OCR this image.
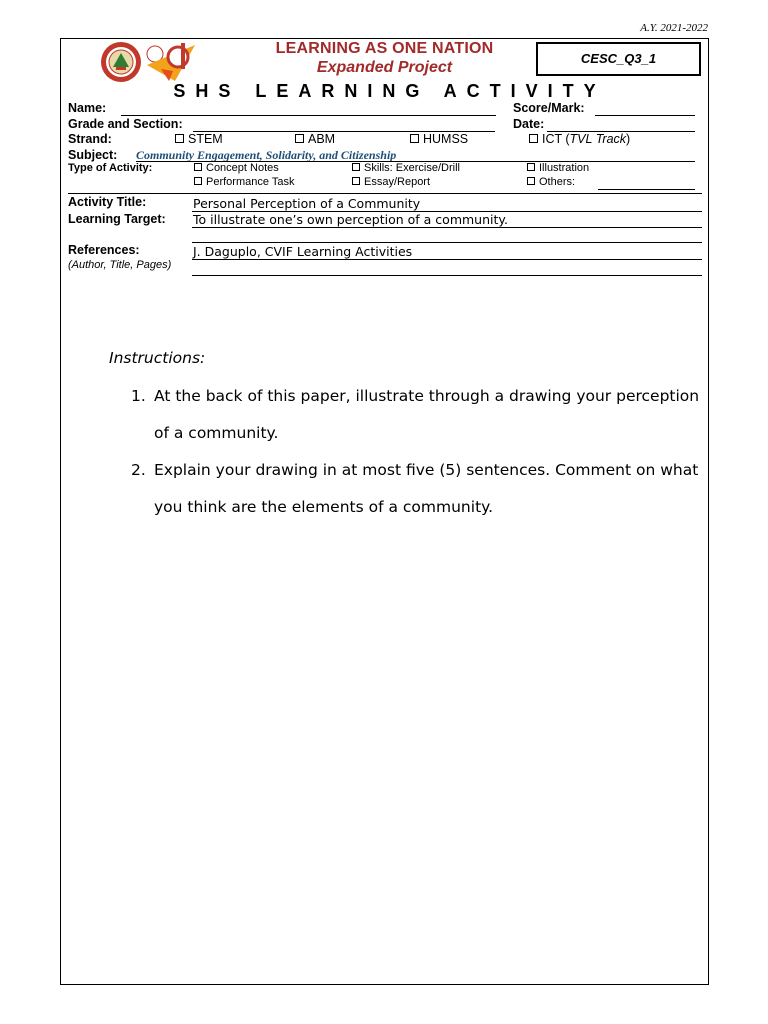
A.Y. 2021-2022
LEARNING AS ONE NATION
Expanded Project
CESC_Q3_1
SHS LEARNING ACTIVITY
Name:	Score/Mark:
Grade and Section:	Date:
Strand:	STEM	ABM	HUMSS	ICT (TVL Track)
Subject: Community Engagement, Solidarity, and Citizenship
Type of Activity:	Concept Notes	Skills: Exercise/Drill	Illustration
Performance Task	Essay/Report	Others:
Activity Title:	Personal Perception of a Community
Learning Target: To illustrate one’s own perception of a community.
References:	J. Daguplo, CVIF Learning Activities
(Author, Title, Pages)
Instructions:
1. At the back of this paper, illustrate through a drawing your perception
of a community.
2. Explain your drawing in at most five (5) sentences. Comment on what
you think are the elements of a community.
